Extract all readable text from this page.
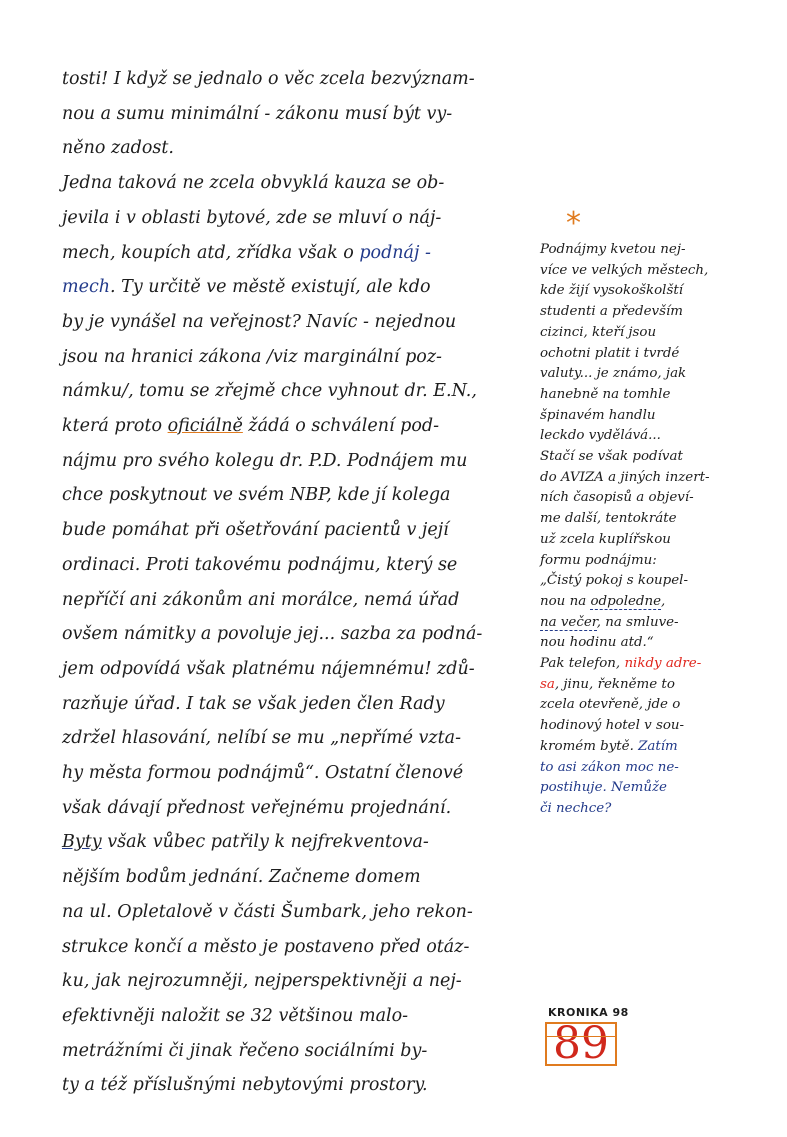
tosti! I když se jednalo o věc zcela bezvýznam-
nou a sumu minimální - zákonu musí být vy-
něno zadost.
Jedna taková ne zcela obvyklá kauza se ob-
jevila i v oblasti bytové, zde se mluví o náj-
mech, koupích atd, zřídka však o podnáj -
mech. Ty určitě ve městě existují, ale kdo
by je vynášel na veřejnost? Navíc - nejednou
jsou na hranici zákona /viz marginální poz-
námku/, tomu se zřejmě chce vyhnout dr. E.N.,
která proto oficiálně žádá o schválení pod-
nájmu pro svého kolegu dr. P.D. Podnájem mu
chce poskytnout ve svém NBP, kde jí kolega
bude pomáhat při ošetřování pacientů v její
ordinaci. Proti takovému podnájmu, který se
nepříčí ani zákonům ani morálce, nemá úřad
ovšem námitky a povoluje jej... sazba za podná-
jem odpovídá však platnému nájemnému! zdů-
razňuje úřad. I tak se však jeden člen Rady
zdržel hlasování, nelíbí se mu „nepřímé vzta-
hy města formou podnájmů“. Ostatní členové
však dávají přednost veřejnému projednání.
Byty však vůbec patřily k nejfrekventova-
nějším bodům jednání. Začneme domem
na ul. Opletalově v části Šumbark, jeho rekon-
strukce končí a město je postaveno před otáz-
ku, jak nejrozumněji, nejperspektivněji a nej-
efektivněji naložit se 32 většinou malo-
metrážními či jinak řečeno sociálními by-
ty a též příslušnými nebytovými prostory.
*
Podnájmy kvetou nej-
více ve velkých městech,
kde žijí vysokoškolští
studenti a především
cizinci, kteří jsou
ochotni platit i tvrdé
valuty... je známo, jak
hanebně na tomhle
špinavém handlu
leckdo vydělává...
Stačí se však podívat
do AVIZA a jiných inzert-
ních časopisů a objeví-
me další, tentokráte
už zcela kuplířskou
formu podnájmu:
„Čistý pokoj s koupel-
nou na odpoledne,
na večer, na smluve-
nou hodinu atd.“
Pak telefon, nikdy adre-
sa, jinu, řekněme to
zcela otevřeně, jde o
hodinový hotel v sou-
kromém bytě. Zatím
to asi zákon moc ne-
postihuje. Nemůže
či nechce?
KRONIKA 98
89
